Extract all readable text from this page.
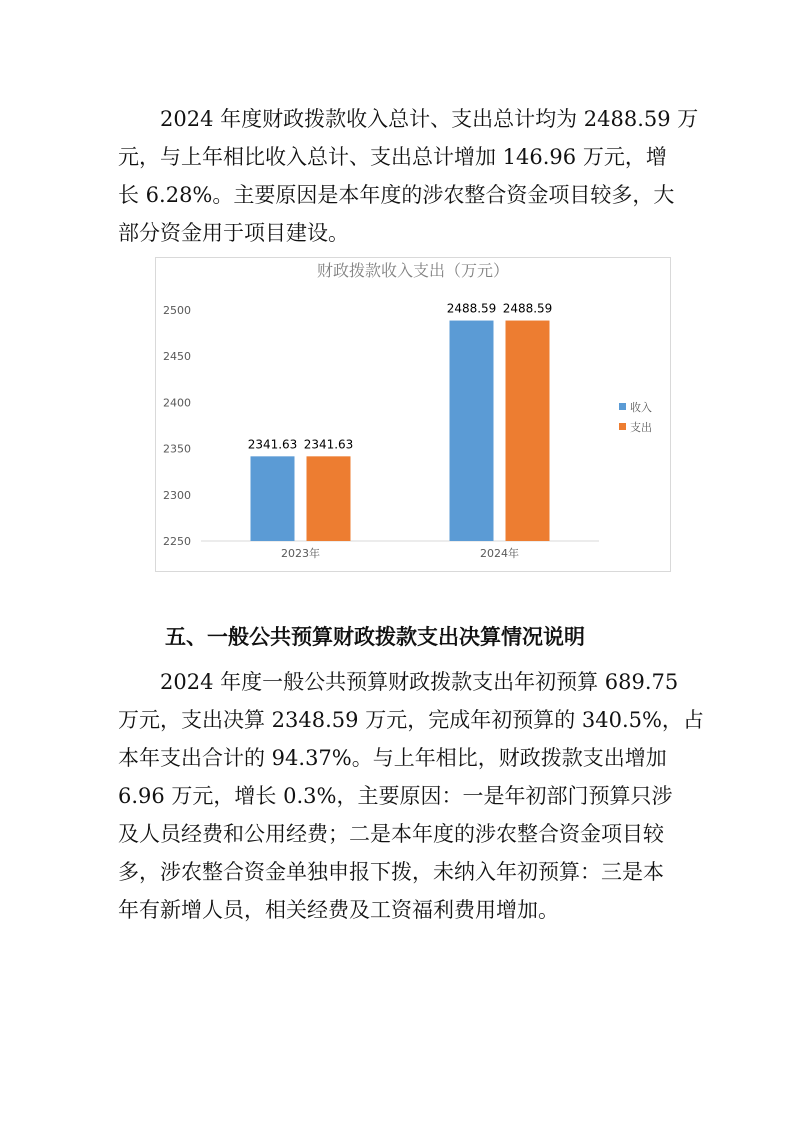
　　2024 年度财政拨款收入总计、支出总计均为 2488.59 万
元，与上年相比收入总计、支出总计增加 146.96 万元，增
长 6.28%。主要原因是本年度的涉农整合资金项目较多，大
部分资金用于项目建设。
财政拨款收入支出（万元）
2250
2300
2350
2400
2450
2500
2341.63 2341.63
2023年
2488.59 2488.59
2024年
收入
支出
五、一般公共预算财政拨款支出决算情况说明
　　2024 年度一般公共预算财政拨款支出年初预算 689.75
万元，支出决算 2348.59 万元，完成年初预算的 340.5%，占
本年支出合计的 94.37%。与上年相比，财政拨款支出增加
6.96 万元，增长 0.3%，主要原因：一是年初部门预算只涉
及人员经费和公用经费；二是本年度的涉农整合资金项目较
多，涉农整合资金单独申报下拨，未纳入年初预算：三是本
年有新增人员，相关经费及工资福利费用增加。
